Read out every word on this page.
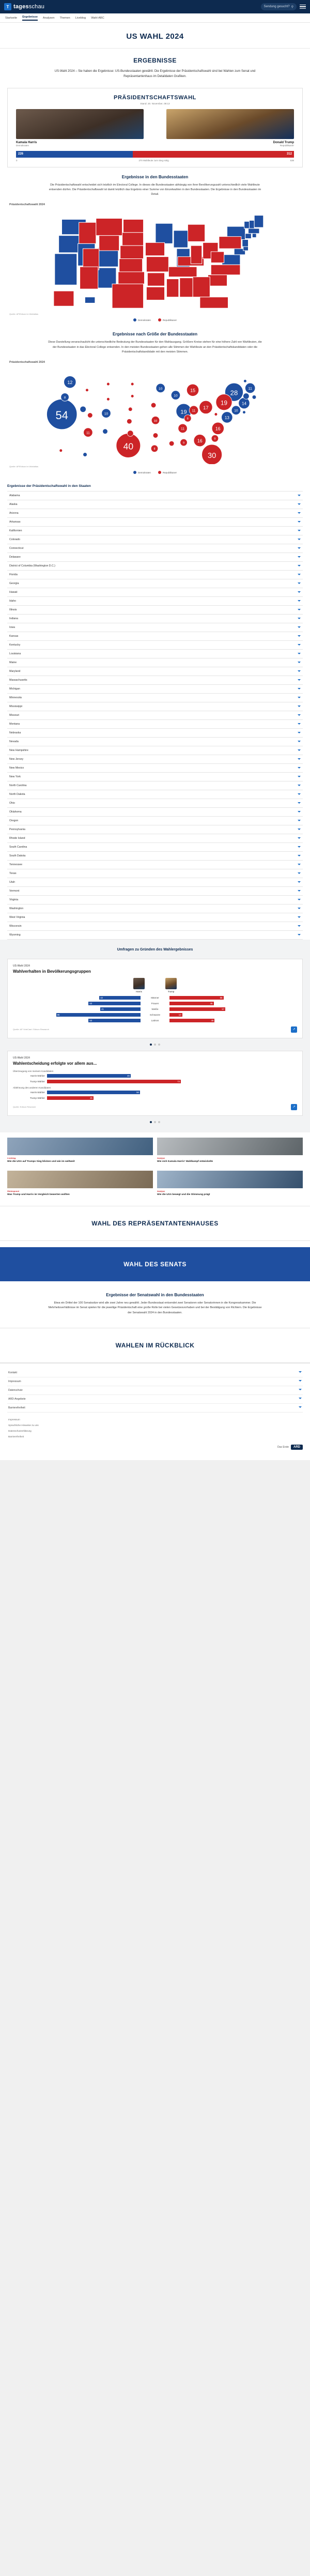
T tagesschau	Sendung gesucht? ⚲
Startseite Ergebnisse Analysen Themen Liveblog Wahl-ABC
US WAHL 2024
ERGEBNISSE

US-Wahl 2024 – Sie haben die Ergebnisse: US-Bundesstaaten gewählt. Die Ergebnisse der Präsidentschaftswahl sind bei Wahlen zum Senat und Repräsentantenhaus im Detaildaten Grafiken.

PRÄSIDENTSCHAFTSWAHL
Stand: 20. November, 08:13
Kamala Harris
Demokraten
Donald Trump
Republikaner
226	312
0	270 Wahlleute zum Sieg nötig	538
Ergebnisse in den Bundesstaaten

Die Präsidentschaftswahl entscheidet sich letztlich im Electoral College. In dieses die Bundesstaaten abhängig von ihrer Bevölkerungszahl unterschiedlich viele Wahlleute entsenden dürfen. Die Präsidentschaftswahl ist damit letztlich das Ergebnis einer Summe von Einzelwahlen in den Bundesstaaten. Die Ergebnisse in den Bundesstaaten im Detail.

Präsidentschaftswahl 2024
Quelle: AP/Edison im Wahlatlas
Demokraten	Republikaner
Ergebnisse nach Größe der Bundesstaaten

Diese Darstellung veranschaulicht die unterschiedliche Bedeutung der Bundesstaaten für den Wahlausgang. Größere Kreise stehen für eine höhere Zahl von Wahlleuten, die der Bundesstaaten in das Electoral College entsenden. In den meisten Bundesstaaten gehen alle Stimmen der Wahlleute an den Präsidentschaftskandidaten oder die Präsidentschaftskandidatin mit den meisten Stimmen.

Präsidentschaftswahl 2024
54
28
19
12
14
13
11
10
10
10
10
8
40
30
19
17
16
16
15
11
11
11
10
9
9
8
8
Quelle: AP/Edison im Wahlatlas
Demokraten	Republikaner
Ergebnisse der Präsidentschaftswahl in den Staaten
Alabama
Alaska
Arizona
Arkansas
Kalifornien
Colorado
Connecticut
Delaware
District of Columbia (Washington D.C.)
Florida
Georgia
Hawaii
Idaho
Illinois
Indiana
Iowa
Kansas
Kentucky
Louisiana
Maine
Maryland
Massachusetts
Michigan
Minnesota
Mississippi
Missouri
Montana
Nebraska
Nevada
New Hampshire
New Jersey
New Mexico
New York
North Carolina
North Dakota
Ohio
Oklahoma
Oregon
Pennsylvania
Rhode Island
South Carolina
South Dakota
Tennessee
Texas
Utah
Vermont
Virginia
Washington
West Virginia
Wisconsin
Wyoming
Umfragen zu Gründen des Wahlergebnisses
US-Wahl 2024
Wahlverhalten in Bevölkerungsgruppen
Harris	Trump
42	Männer	55
53	Frauen	45
41	Weiße	57
86	Schwarze	13
53	Latinos	46
Quelle: AP VoteCast / Edison Research	↗
US-Wahl 2024
Wahlentscheidung erfolgte vor allem aus...
Überzeugung von meinem Kandidaten
Harris-Wähler	45
Trump-Wähler	72
Ablehnung des anderen Kandidaten
Harris-Wähler	50
Trump-Wähler	25
Quelle: Edison Research	↗
Liveblog
Wie die USA auf Trumps Sieg blicken und wie im weltweit
Analyse
Wie sich Kamala Harris' Wahlkampf entwickelte
Hintergrund
Was Trump und Harris im Vergleich bewerten wollten
Analyse
Wie die USA bewegt und die Stimmung prägt
WAHL DES REPRÄSENTANTENHAUSES
WAHL DES SENATS
Ergebnisse der Senatswahl in den Bundesstaaten

Etwa ein Drittel der 100 Senatssitze wird alle zwei Jahre neu gewählt. Jeder Bundesstaat entsendet zwei Senatoren oder Senatorinnen in die Kongresskammer. Die Mehrheitsverhältnisse im Senat spielen für die jeweilige Präsidentschaft eine große Rolle bei vielen Gesetzesvorhaben und bei der Bestätigung von Richtern. Die Ergebnisse der Senatswahl 2024 in den Bundesstaaten.

WAHLEN IM RÜCKBLICK
Kontakt
Impressum
Datenschutz
ARD-Angebote
Barrierefreiheit
Impressum
Sprachliche Hinweise zu uns
Datenschutzerklärung
Barrierefreiheit
Das Erste	ARD
